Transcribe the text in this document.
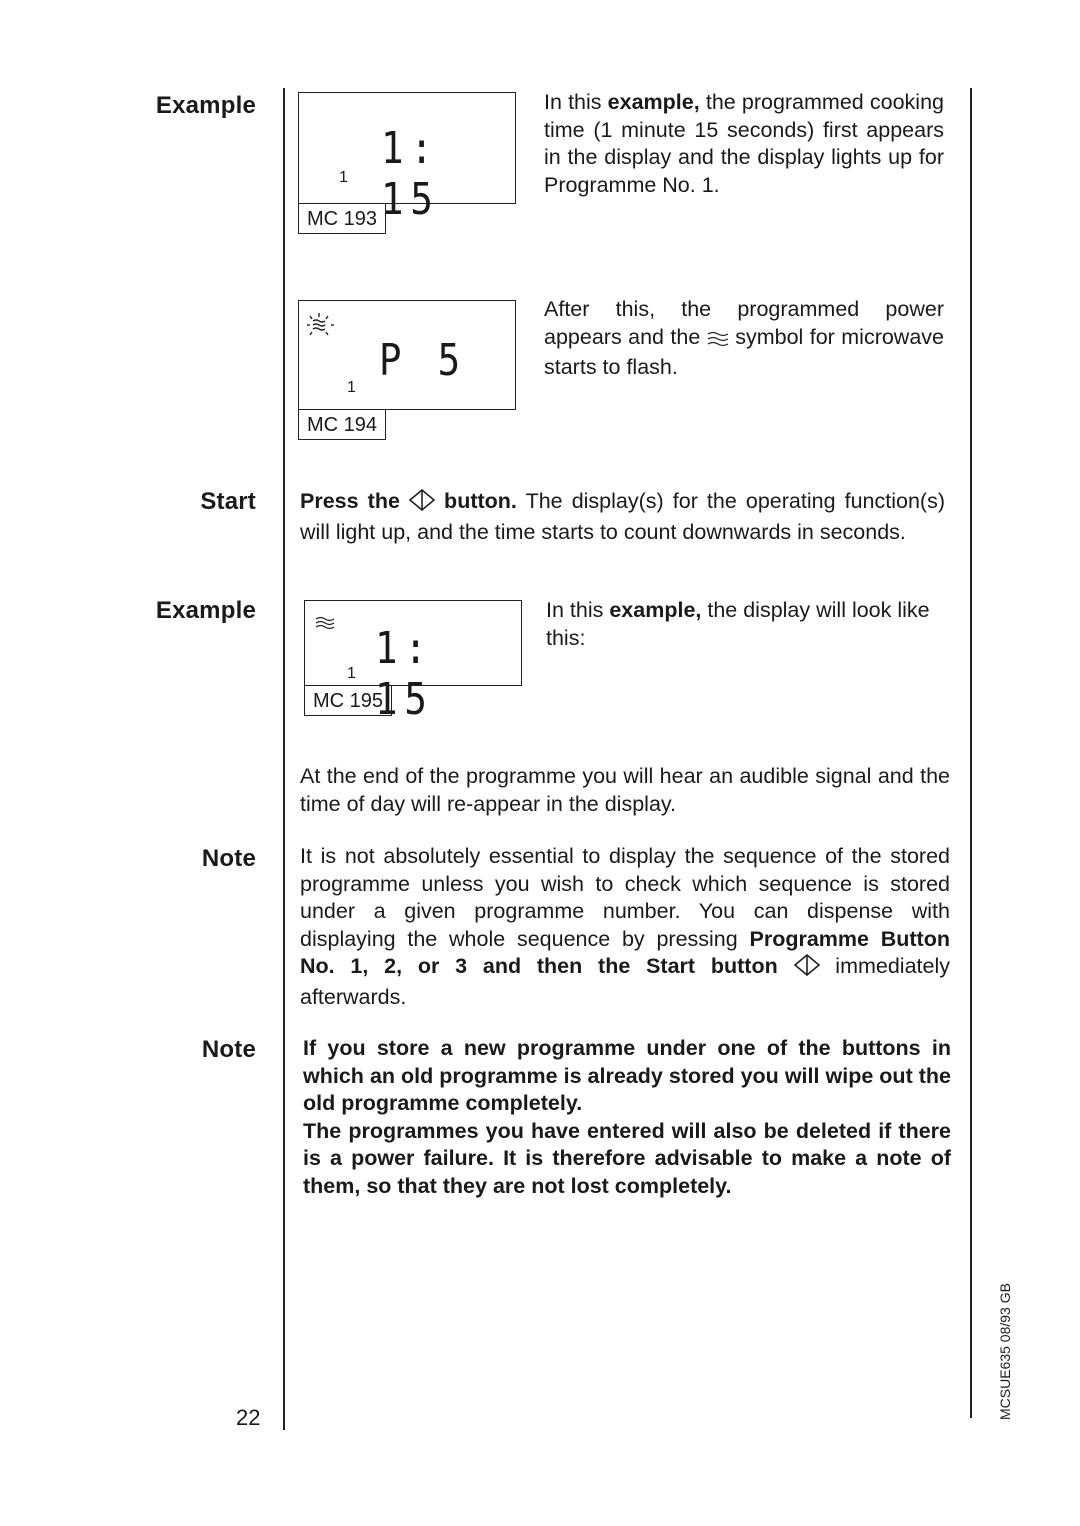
Example
Start
Example
Note
Note
1: 15
1
MC 193
In this example, the programmed cooking time (1 minute 15 seconds) first appears in the display and the display lights up for Programme No. 1.
P 5
1
MC 194
After this, the programmed power appears and the  symbol for microwave starts to flash.
Press the  button. The display(s) for the operating function(s) will light up, and the time starts to count downwards in seconds.
1: 15
1
MC 195
In this example, the display will look like this:
At the end of the programme you will hear an audible signal and the time of day will re-appear in the display.
It is not absolutely essential to display the sequence of the stored programme unless you wish to check which sequence is stored under a given programme number. You can dispense with displaying the whole sequence by pressing Programme Button No. 1, 2, or 3 and then the Start button  immediately afterwards.
If you store a new programme under one of the buttons in which an old programme is already stored you will wipe out the old programme completely.
The programmes you have entered will also be deleted if there is a power failure. It is therefore advisable to make a note of them, so that they are not lost completely.
22	MCSUE635 08/93 GB
